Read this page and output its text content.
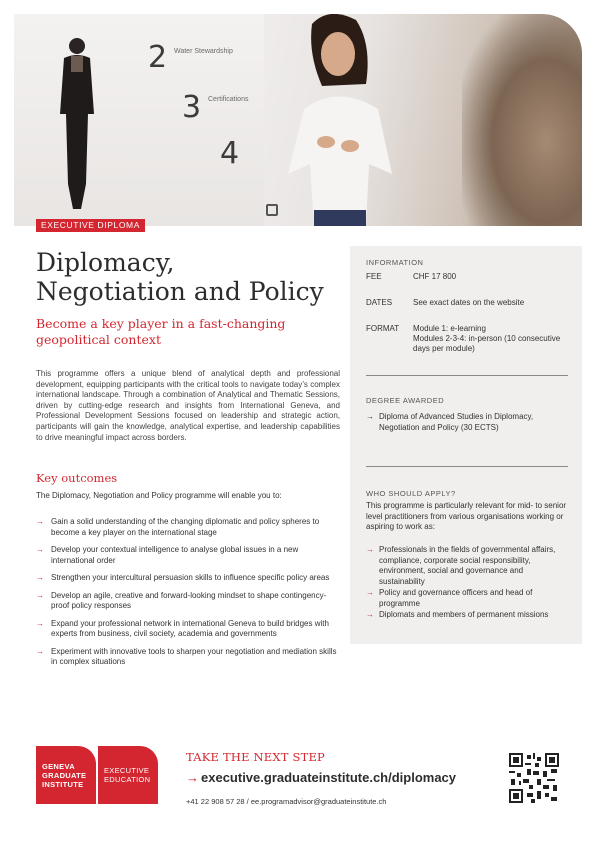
2 Water Stewardship
3 Certifications
4
EXECUTIVE DIPLOMA
Diplomacy,
Negotiation and Policy
Become a key player in a fast-changing geopolitical context

This programme offers a unique blend of analytical depth and professional development, equipping participants with the critical tools to navigate today’s complex international landscape. Through a combination of Analytical and Thematic Sessions, driven by cutting-edge research and insights from International Geneva, and Professional Development Sessions focused on leadership and strategic action, participants will gain the knowledge, analytical expertise, and leadership capabilities to drive meaningful impact across borders.

Key outcomes
The Diplomacy, Negotiation and Policy programme will enable you to:
→ Gain a solid understanding of the changing diplomatic and policy spheres to become a key player on the international stage
→ Develop your contextual intelligence to analyse global issues in a new international order
→ Strengthen your intercultural persuasion skills to influence specific policy areas
→ Develop an agile, creative and forward-looking mindset to shape contingency-proof policy responses
→ Expand your professional network in international Geneva to build bridges with experts from business, civil society, academia and governments
→ Experiment with innovative tools to sharpen your negotiation and mediation skills in complex situations
INFORMATION
FEE	CHF 17 800
DATES	See exact dates on the website
FORMAT	Module 1: e-learning
Modules 2-3-4: in-person (10 consecutive days per module)
DEGREE AWARDED
→ Diploma of Advanced Studies in Diplomacy, Negotiation and Policy (30 ECTS)
WHO SHOULD APPLY?
This programme is particularly relevant for mid- to senior level practitioners from various organisations working or aspiring to work as:
→ Professionals in the fields of governmental affairs, compliance, corporate social responsibility, environment, social and governance and sustainability
→ Policy and governance officers and head of programme
→ Diplomats and members of permanent missions
GENEVA
GRADUATE
INSTITUTE
EXECUTIVE
EDUCATION
TAKE THE NEXT STEP
→ executive.graduateinstitute.ch/diplomacy
+41 22 908 57 28 / ee.programadvisor@graduateinstitute.ch
